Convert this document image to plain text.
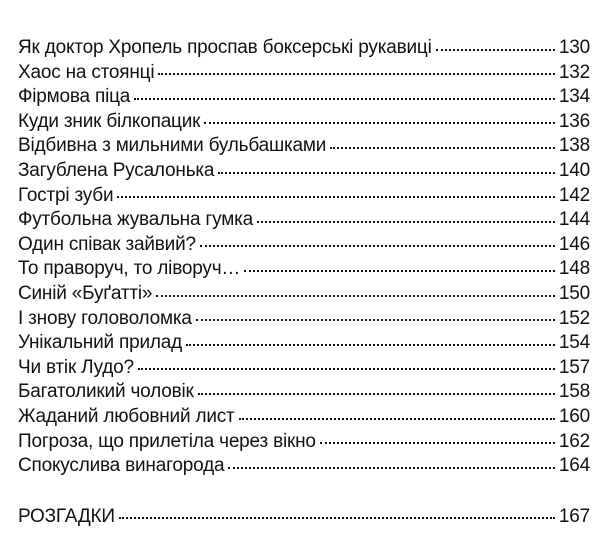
Як доктор Хропель проспав боксерські рукавиці	130
Хаос на стоянці	132
Фірмова піца	134
Куди зник білкопацик	136
Відбивна з мильними бульбашками	138
Загублена Русалонька	140
Гострі зуби	142
Футбольна жувальна гумка	144
Один співак зайвий?	146
То праворуч, то ліворуч…	148
Синій «Буґатті»	150
І знову головоломка	152
Унікальний прилад	154
Чи втік Лудо?	157
Багатоликий чоловік	158
Жаданий любовний лист	160
Погроза, що прилетіла через вікно	162
Спокуслива винагорода	164
РОЗГАДКИ	167
